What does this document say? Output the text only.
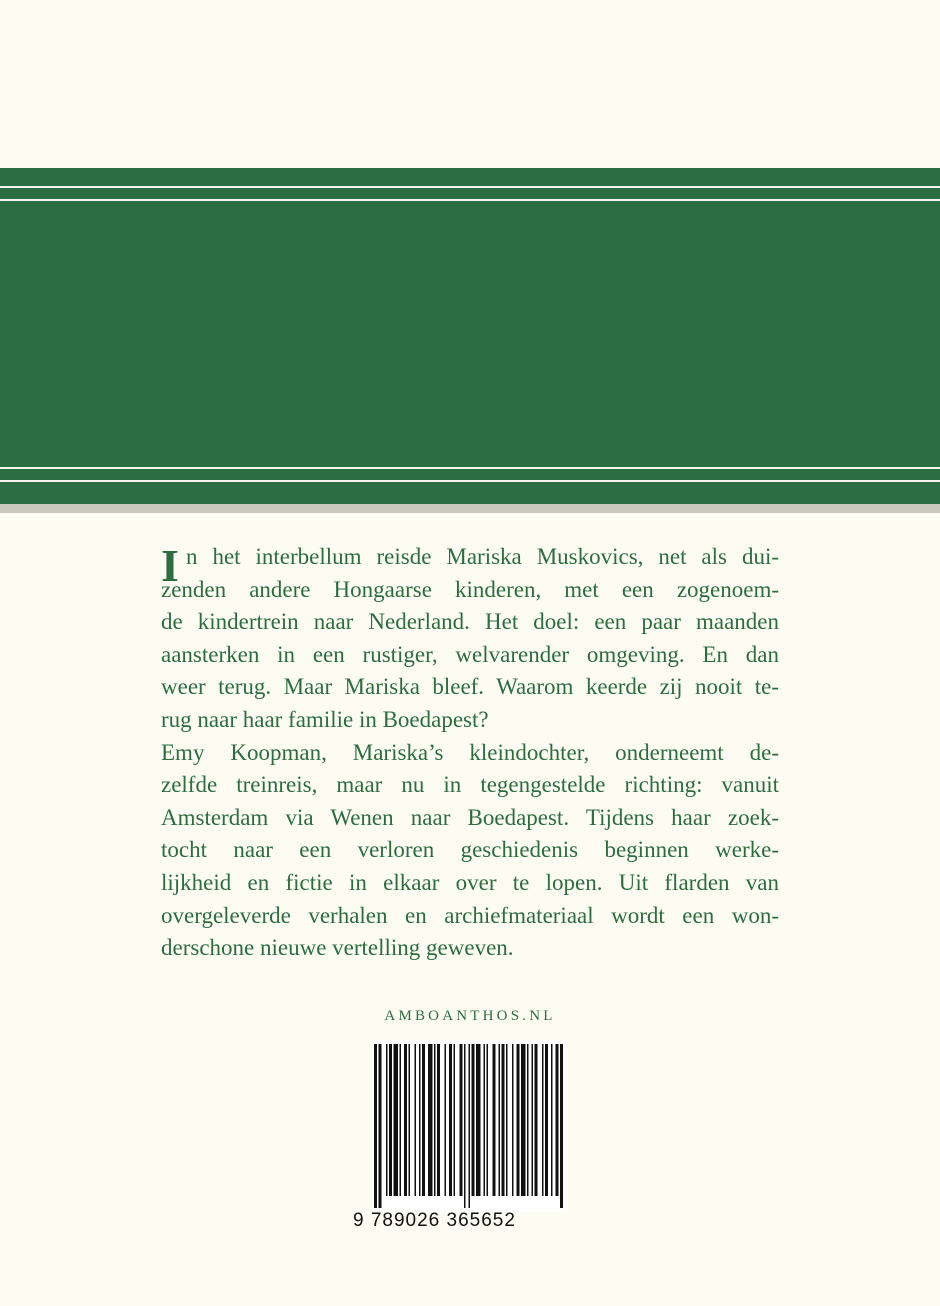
I n het interbellum reisde Mariska Muskovics, net als dui-
zenden andere Hongaarse kinderen, met een zogenoem-
de kindertrein naar Nederland. Het doel: een paar maanden
aansterken in een rustiger, welvarender omgeving. En dan
weer terug. Maar Mariska bleef. Waarom keerde zij nooit te-
rug naar haar familie in Boedapest?
Emy Koopman, Mariska’s kleindochter, onderneemt de-
zelfde treinreis, maar nu in tegengestelde richting: vanuit
Amsterdam via Wenen naar Boedapest. Tijdens haar zoek-
tocht naar een verloren geschiedenis beginnen werke-
lijkheid en fictie in elkaar over te lopen. Uit flarden van
overgeleverde verhalen en archiefmateriaal wordt een won-
derschone nieuwe vertelling geweven.
AMBOANTHOS.NL
9 789026 365652
